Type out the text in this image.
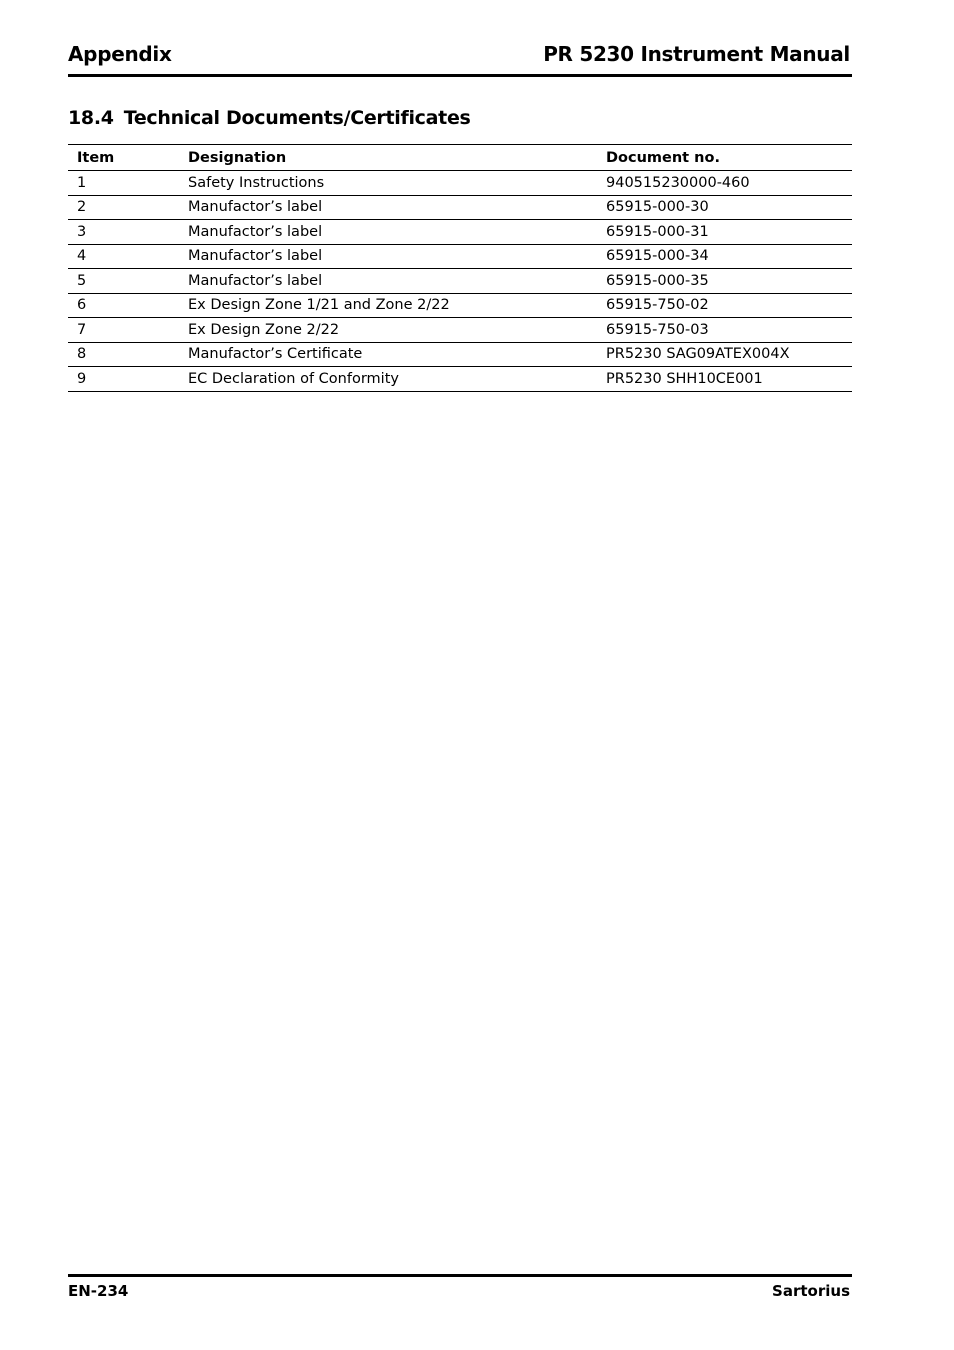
Appendix	PR 5230 Instrument Manual
18.4 Technical Documents/Certificates
Item	Designation	Document no.
1	Safety Instructions	940515230000-460
2	Manufactor’s label	65915-000-30
3	Manufactor’s label	65915-000-31
4	Manufactor’s label	65915-000-34
5	Manufactor’s label	65915-000-35
6	Ex Design Zone 1/21 and Zone 2/22	65915-750-02
7	Ex Design Zone 2/22	65915-750-03
8	Manufactor’s Certificate	PR5230 SAG09ATEX004X
9	EC Declaration of Conformity	PR5230 SHH10CE001
EN-234	Sartorius
